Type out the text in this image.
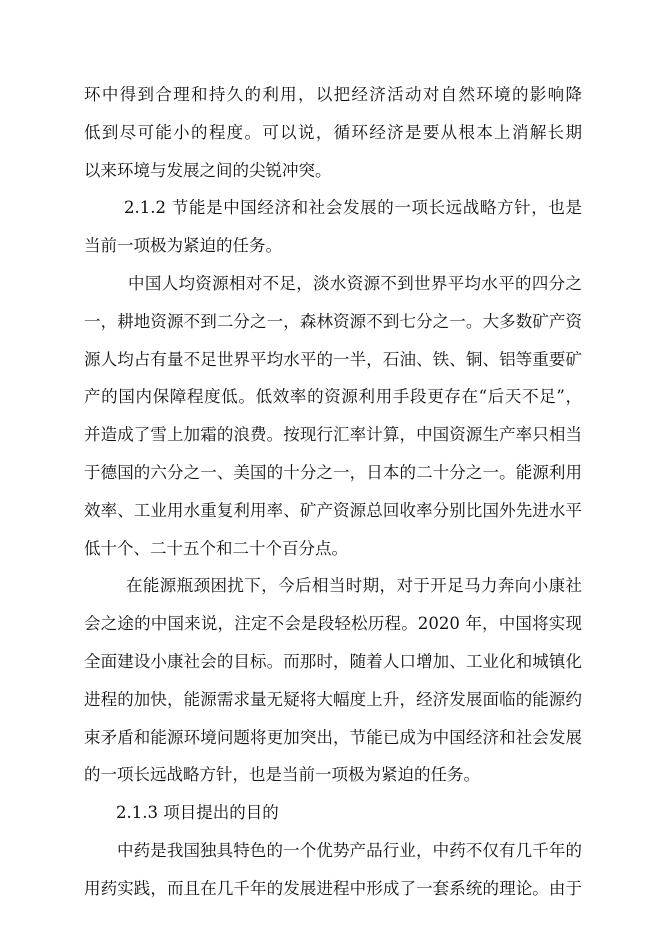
环中得到合理和持久的利用，以把经济活动对自然环境的影响降
低到尽可能小的程度。可以说，循环经济是要从根本上消解长期
以来环境与发展之间的尖锐冲突。
2.1.2 节能是中国经济和社会发展的一项长远战略方针，也是
当前一项极为紧迫的任务。
中国人均资源相对不足，淡水资源不到世界平均水平的四分之
一，耕地资源不到二分之一，森林资源不到七分之一。大多数矿产资
源人均占有量不足世界平均水平的一半，石油、铁、铜、铝等重要矿
产的国内保障程度低。低效率的资源利用手段更存在“后天不足”，
并造成了雪上加霜的浪费。按现行汇率计算，中国资源生产率只相当
于德国的六分之一、美国的十分之一，日本的二十分之一。能源利用
效率、工业用水重复利用率、矿产资源总回收率分别比国外先进水平
低十个、二十五个和二十个百分点。
在能源瓶颈困扰下，今后相当时期，对于开足马力奔向小康社
会之途的中国来说，注定不会是段轻松历程。2020 年，中国将实现
全面建设小康社会的目标。而那时，随着人口增加、工业化和城镇化
进程的加快，能源需求量无疑将大幅度上升，经济发展面临的能源约
束矛盾和能源环境问题将更加突出，节能已成为中国经济和社会发展
的一项长远战略方针，也是当前一项极为紧迫的任务。
2.1.3 项目提出的目的
中药是我国独具特色的一个优势产品行业，中药不仅有几千年的
用药实践，而且在几千年的发展进程中形成了一套系统的理论。由于
